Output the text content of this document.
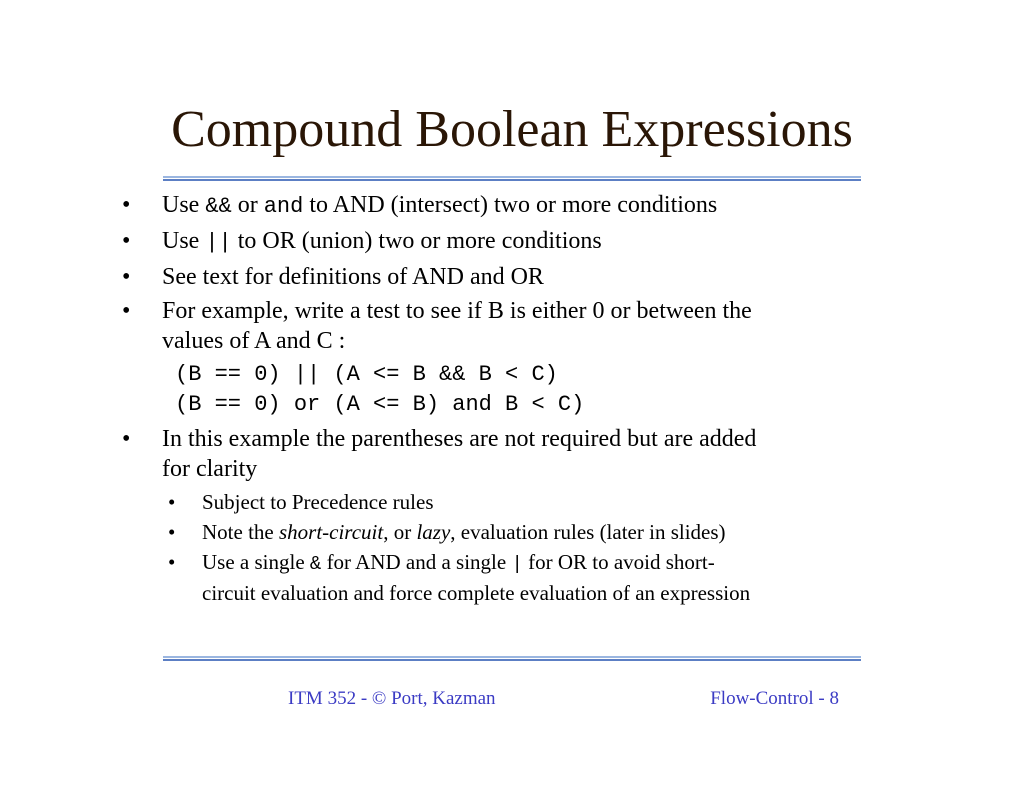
Compound Boolean Expressions
• Use && or and to AND (intersect) two or more conditions
• Use || to OR (union) two or more conditions
• See text for definitions of AND and OR
• For example, write a test to see if B is either 0 or between the
values of A and C :
(B == 0) || (A <= B && B < C)
(B == 0) or (A <= B) and B < C)
• In this example the parentheses are not required but are added
for clarity
• Subject to Precedence rules
• Note the short-circuit, or lazy, evaluation rules (later in slides)
• Use a single & for AND and a single | for OR to avoid short-
circuit evaluation and force complete evaluation of an expression
ITM 352 - © Port, Kazman	Flow-Control - 8
